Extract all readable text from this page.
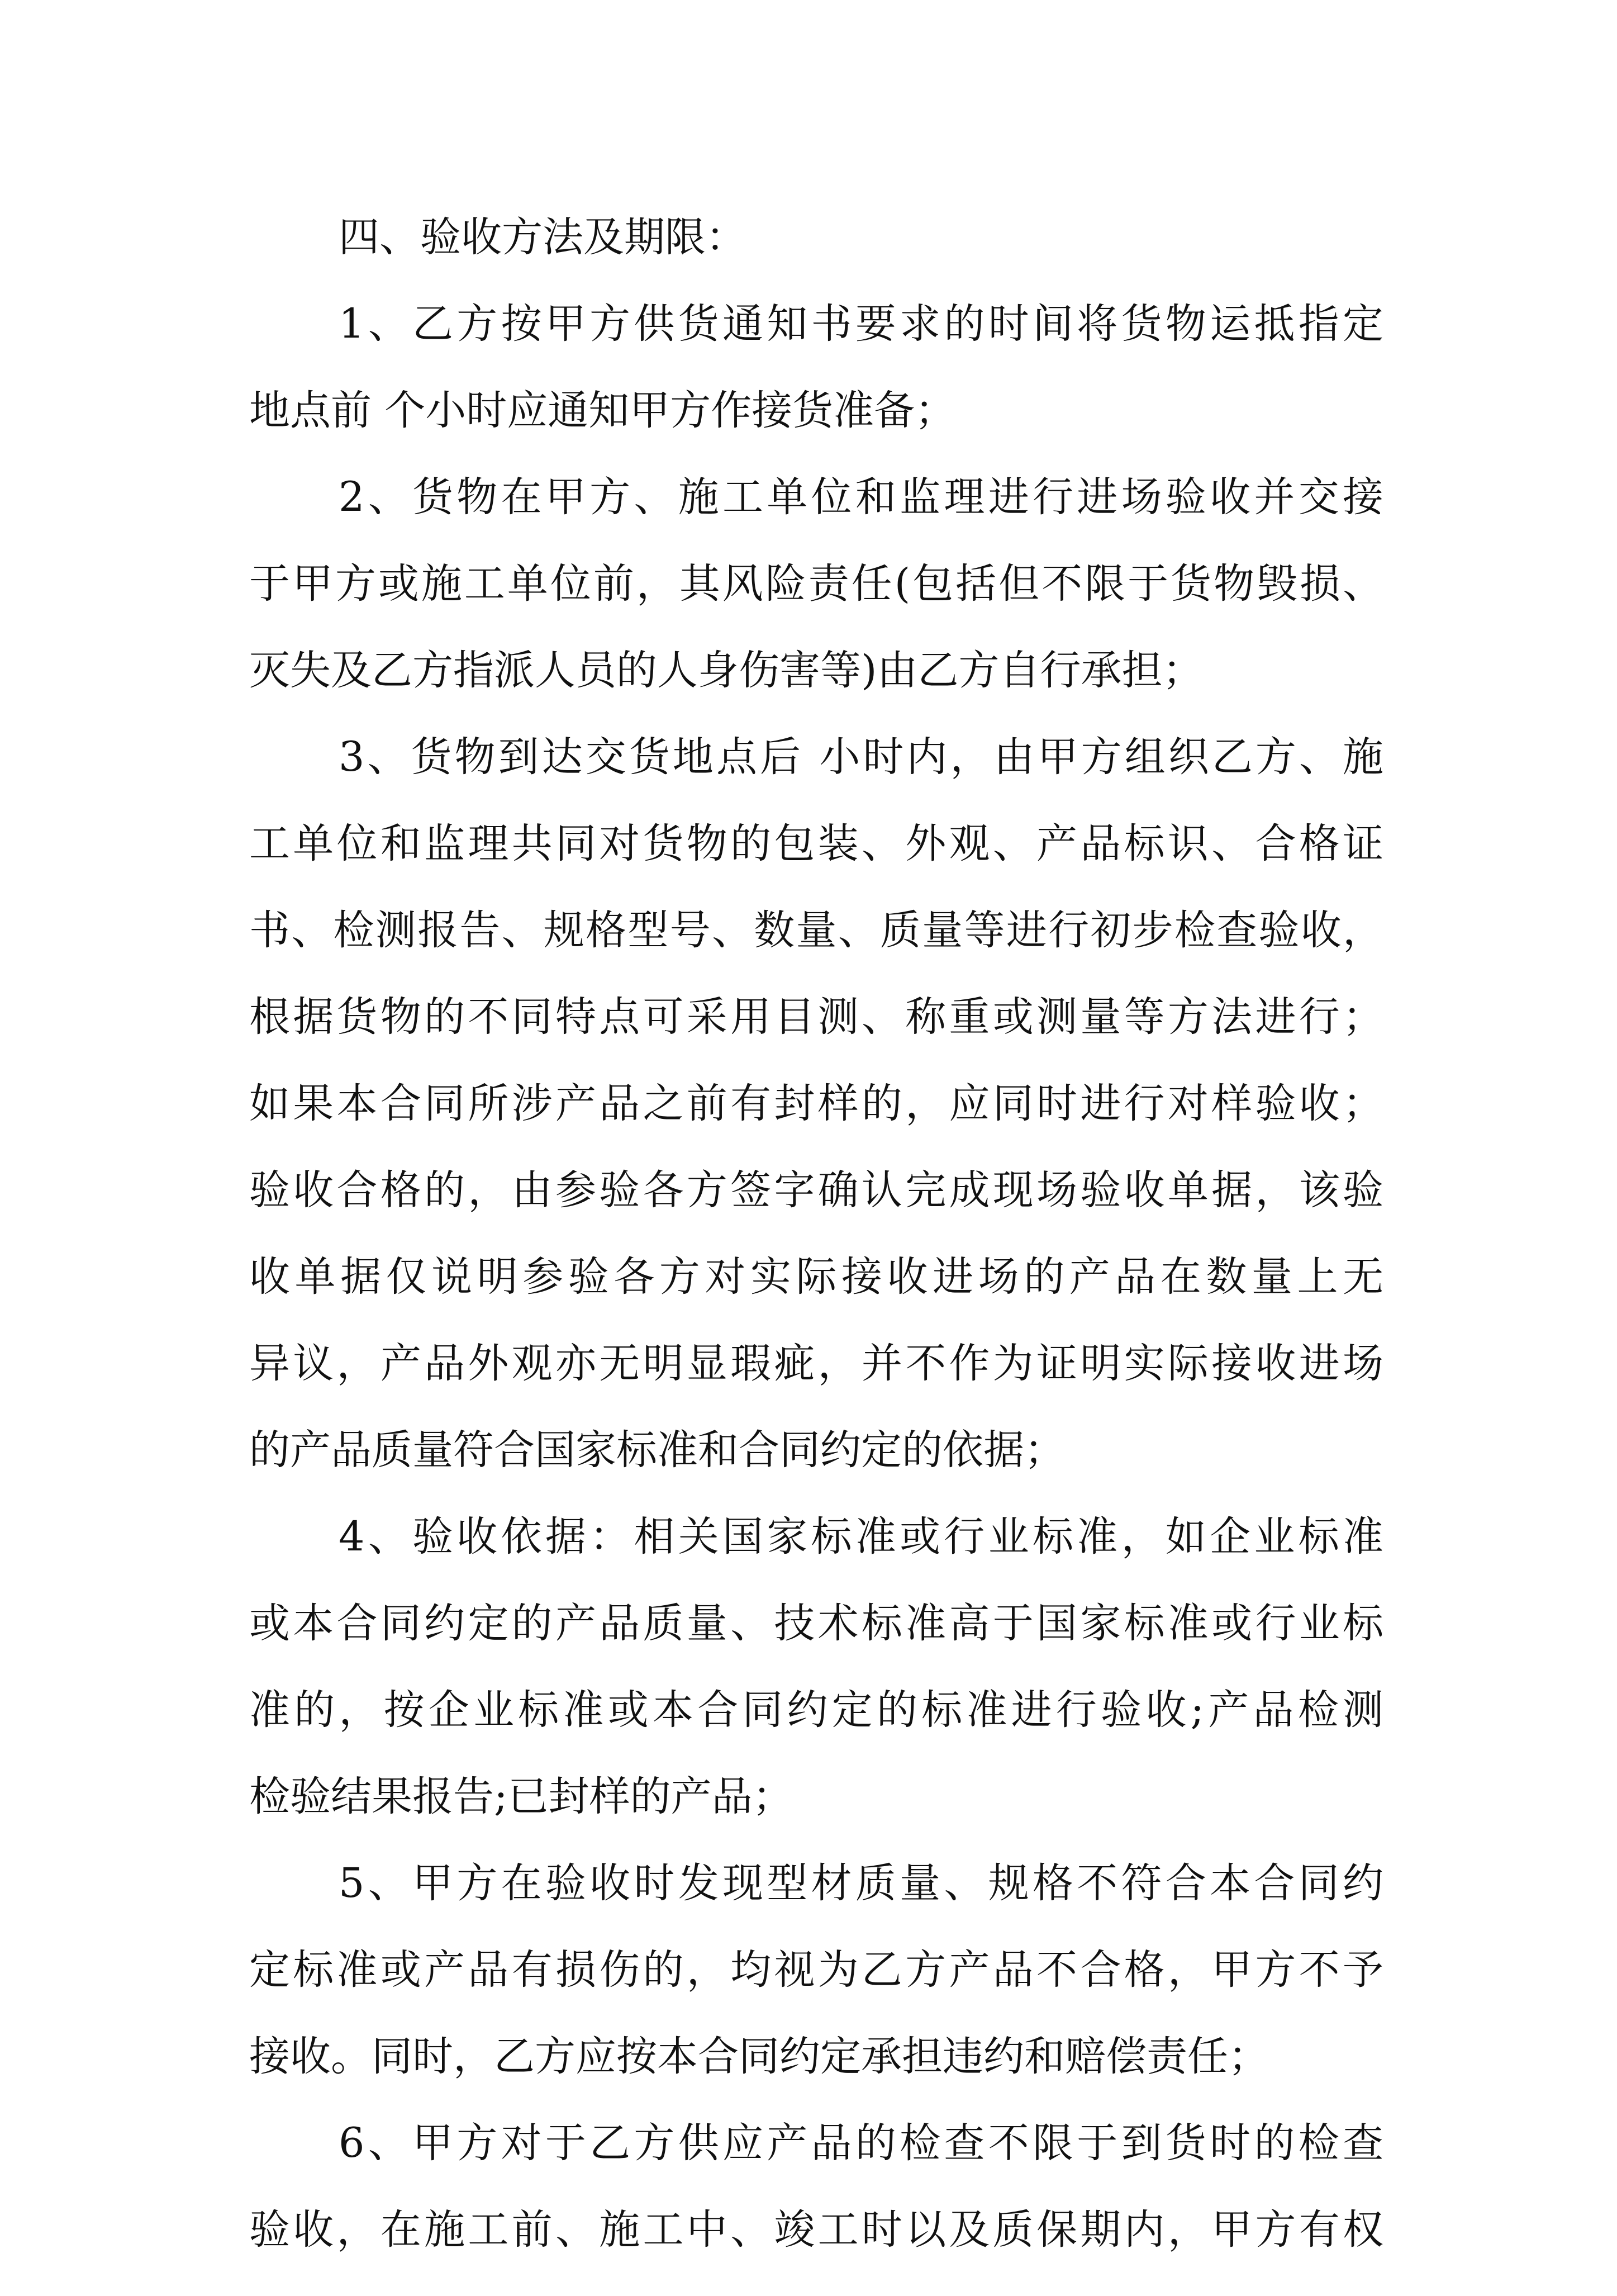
四、验收方法及期限：
1、乙方按甲方供货通知书要求的时间将货物运抵指定
地点前 个小时应通知甲方作接货准备；
2、货物在甲方、施工单位和监理进行进场验收并交接
于甲方或施工单位前，其风险责任(包括但不限于货物毁损、
灭失及乙方指派人员的人身伤害等)由乙方自行承担；
3、货物到达交货地点后 小时内，由甲方组织乙方、施
工单位和监理共同对货物的包装、外观、产品标识、合格证
书、检测报告、规格型号、数量、质量等进行初步检查验收，
根据货物的不同特点可采用目测、称重或测量等方法进行；
如果本合同所涉产品之前有封样的，应同时进行对样验收；
验收合格的，由参验各方签字确认完成现场验收单据，该验
收单据仅说明参验各方对实际接收进场的产品在数量上无
异议，产品外观亦无明显瑕疵，并不作为证明实际接收进场
的产品质量符合国家标准和合同约定的依据；
4、验收依据：相关国家标准或行业标准，如企业标准
或本合同约定的产品质量、技术标准高于国家标准或行业标
准的，按企业标准或本合同约定的标准进行验收;产品检测
检验结果报告;已封样的产品；
5、甲方在验收时发现型材质量、规格不符合本合同约
定标准或产品有损伤的，均视为乙方产品不合格，甲方不予
接收。同时，乙方应按本合同约定承担违约和赔偿责任；
6、甲方对于乙方供应产品的检查不限于到货时的检查
验收，在施工前、施工中、竣工时以及质保期内，甲方有权
